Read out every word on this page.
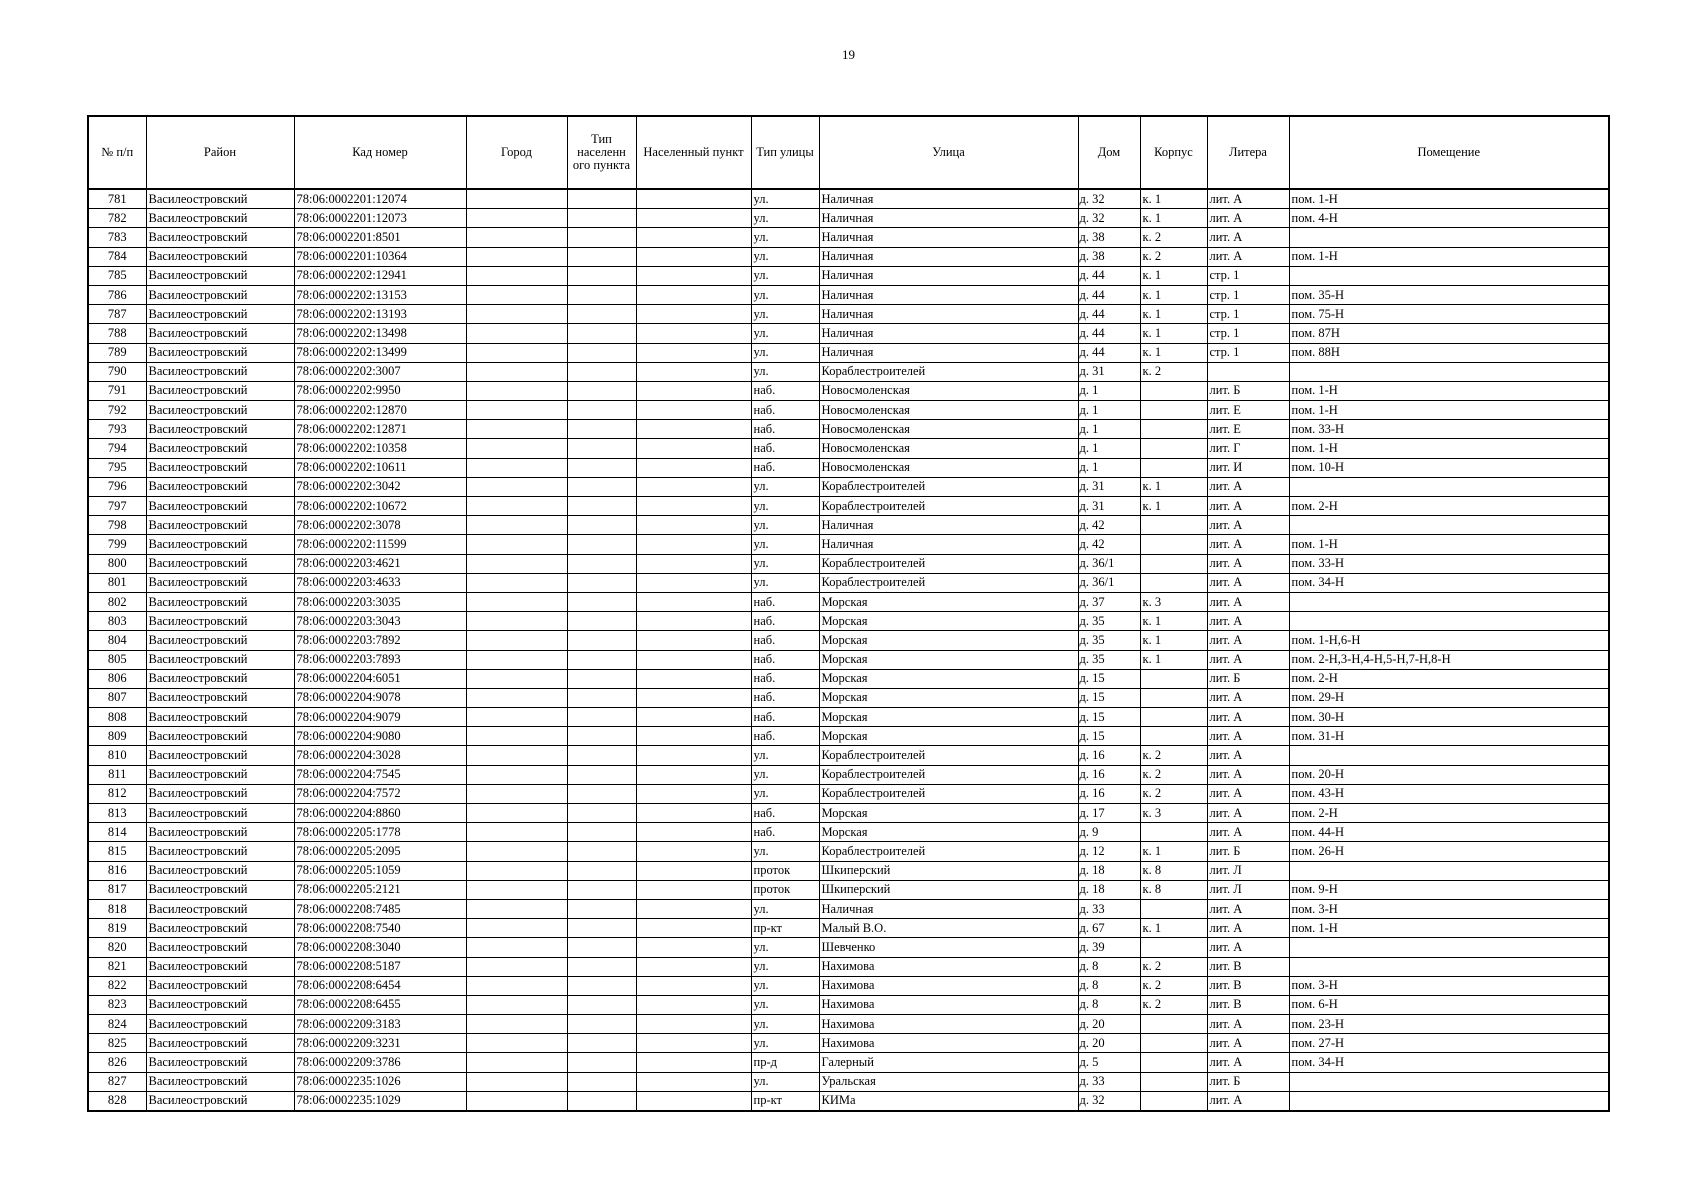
19
№ п/п	Район	Кад номер	Город	Тип населенн ого пункта	Населенный пункт	Тип улицы	Улица	Дом	Корпус	Литера	Помещение
781	Василеостровский	78:06:0002201:12074				ул.	Наличная	д. 32	к. 1	лит. А	пом. 1-Н
782	Василеостровский	78:06:0002201:12073				ул.	Наличная	д. 32	к. 1	лит. А	пом. 4-Н
783	Василеостровский	78:06:0002201:8501				ул.	Наличная	д. 38	к. 2	лит. А	
784	Василеостровский	78:06:0002201:10364				ул.	Наличная	д. 38	к. 2	лит. А	пом. 1-Н
785	Василеостровский	78:06:0002202:12941				ул.	Наличная	д. 44	к. 1	стр. 1	
786	Василеостровский	78:06:0002202:13153				ул.	Наличная	д. 44	к. 1	стр. 1	пом. 35-Н
787	Василеостровский	78:06:0002202:13193				ул.	Наличная	д. 44	к. 1	стр. 1	пом. 75-Н
788	Василеостровский	78:06:0002202:13498				ул.	Наличная	д. 44	к. 1	стр. 1	пом. 87Н
789	Василеостровский	78:06:0002202:13499				ул.	Наличная	д. 44	к. 1	стр. 1	пом. 88Н
790	Василеостровский	78:06:0002202:3007				ул.	Кораблестроителей	д. 31	к. 2		
791	Василеостровский	78:06:0002202:9950				наб.	Новосмоленская	д. 1		лит. Б	пом. 1-Н
792	Василеостровский	78:06:0002202:12870				наб.	Новосмоленская	д. 1		лит. Е	пом. 1-Н
793	Василеостровский	78:06:0002202:12871				наб.	Новосмоленская	д. 1		лит. Е	пом. 33-Н
794	Василеостровский	78:06:0002202:10358				наб.	Новосмоленская	д. 1		лит. Г	пом. 1-Н
795	Василеостровский	78:06:0002202:10611				наб.	Новосмоленская	д. 1		лит. И	пом. 10-Н
796	Василеостровский	78:06:0002202:3042				ул.	Кораблестроителей	д. 31	к. 1	лит. А	
797	Василеостровский	78:06:0002202:10672				ул.	Кораблестроителей	д. 31	к. 1	лит. А	пом. 2-Н
798	Василеостровский	78:06:0002202:3078				ул.	Наличная	д. 42		лит. А	
799	Василеостровский	78:06:0002202:11599				ул.	Наличная	д. 42		лит. А	пом. 1-Н
800	Василеостровский	78:06:0002203:4621				ул.	Кораблестроителей	д. 36/1		лит. А	пом. 33-Н
801	Василеостровский	78:06:0002203:4633				ул.	Кораблестроителей	д. 36/1		лит. А	пом. 34-Н
802	Василеостровский	78:06:0002203:3035				наб.	Морская	д. 37	к. 3	лит. А	
803	Василеостровский	78:06:0002203:3043				наб.	Морская	д. 35	к. 1	лит. А	
804	Василеостровский	78:06:0002203:7892				наб.	Морская	д. 35	к. 1	лит. А	пом. 1-Н,6-Н
805	Василеостровский	78:06:0002203:7893				наб.	Морская	д. 35	к. 1	лит. А	пом. 2-Н,3-Н,4-Н,5-Н,7-Н,8-Н
806	Василеостровский	78:06:0002204:6051				наб.	Морская	д. 15		лит. Б	пом. 2-Н
807	Василеостровский	78:06:0002204:9078				наб.	Морская	д. 15		лит. А	пом. 29-Н
808	Василеостровский	78:06:0002204:9079				наб.	Морская	д. 15		лит. А	пом. 30-Н
809	Василеостровский	78:06:0002204:9080				наб.	Морская	д. 15		лит. А	пом. 31-Н
810	Василеостровский	78:06:0002204:3028				ул.	Кораблестроителей	д. 16	к. 2	лит. А	
811	Василеостровский	78:06:0002204:7545				ул.	Кораблестроителей	д. 16	к. 2	лит. А	пом. 20-Н
812	Василеостровский	78:06:0002204:7572				ул.	Кораблестроителей	д. 16	к. 2	лит. А	пом. 43-Н
813	Василеостровский	78:06:0002204:8860				наб.	Морская	д. 17	к. 3	лит. А	пом. 2-Н
814	Василеостровский	78:06:0002205:1778				наб.	Морская	д. 9		лит. А	пом. 44-Н
815	Василеостровский	78:06:0002205:2095				ул.	Кораблестроителей	д. 12	к. 1	лит. Б	пом. 26-Н
816	Василеостровский	78:06:0002205:1059				проток	Шкиперский	д. 18	к. 8	лит. Л	
817	Василеостровский	78:06:0002205:2121				проток	Шкиперский	д. 18	к. 8	лит. Л	пом. 9-Н
818	Василеостровский	78:06:0002208:7485				ул.	Наличная	д. 33		лит. А	пом. 3-Н
819	Василеостровский	78:06:0002208:7540				пр-кт	Малый В.О.	д. 67	к. 1	лит. А	пом. 1-Н
820	Василеостровский	78:06:0002208:3040				ул.	Шевченко	д. 39		лит. А	
821	Василеостровский	78:06:0002208:5187				ул.	Нахимова	д. 8	к. 2	лит. В	
822	Василеостровский	78:06:0002208:6454				ул.	Нахимова	д. 8	к. 2	лит. В	пом. 3-Н
823	Василеостровский	78:06:0002208:6455				ул.	Нахимова	д. 8	к. 2	лит. В	пом. 6-Н
824	Василеостровский	78:06:0002209:3183				ул.	Нахимова	д. 20		лит. А	пом. 23-Н
825	Василеостровский	78:06:0002209:3231				ул.	Нахимова	д. 20		лит. А	пом. 27-Н
826	Василеостровский	78:06:0002209:3786				пр-д	Галерный	д. 5		лит. А	пом. 34-Н
827	Василеостровский	78:06:0002235:1026				ул.	Уральская	д. 33		лит. Б	
828	Василеостровский	78:06:0002235:1029				пр-кт	КИМа	д. 32		лит. А	
